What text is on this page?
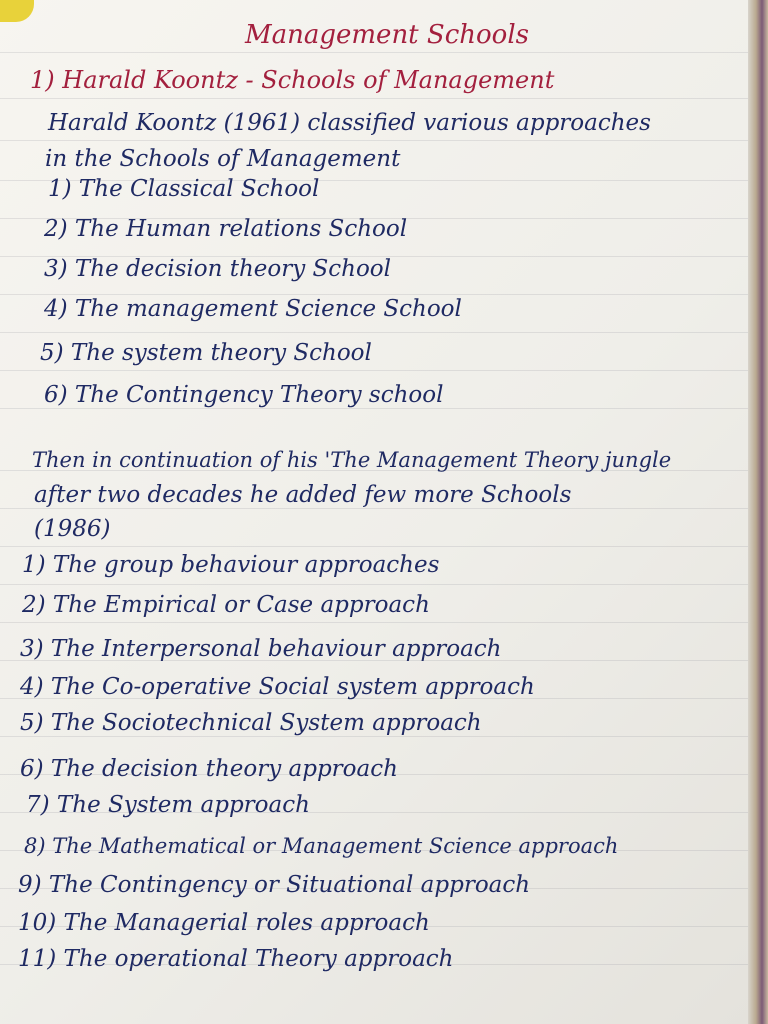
Management Schools
1) Harald Koontz - Schools of Management
Harald Koontz (1961) classified various approaches
in the Schools of Management
1) The Classical School
2) The Human relations School
3) The decision theory School
4) The management Science School
5) The system theory School
6) The Contingency Theory school
Then in continuation of his 'The Management Theory jungle
after two decades he added few more Schools
(1986)
1) The group behaviour approaches
2) The Empirical or Case approach
3) The Interpersonal behaviour approach
4) The Co-operative Social system approach
5) The Sociotechnical System approach
6) The decision theory approach
7) The System approach
8) The Mathematical or Management Science approach
9) The Contingency or Situational approach
10) The Managerial roles approach
11) The operational Theory approach
